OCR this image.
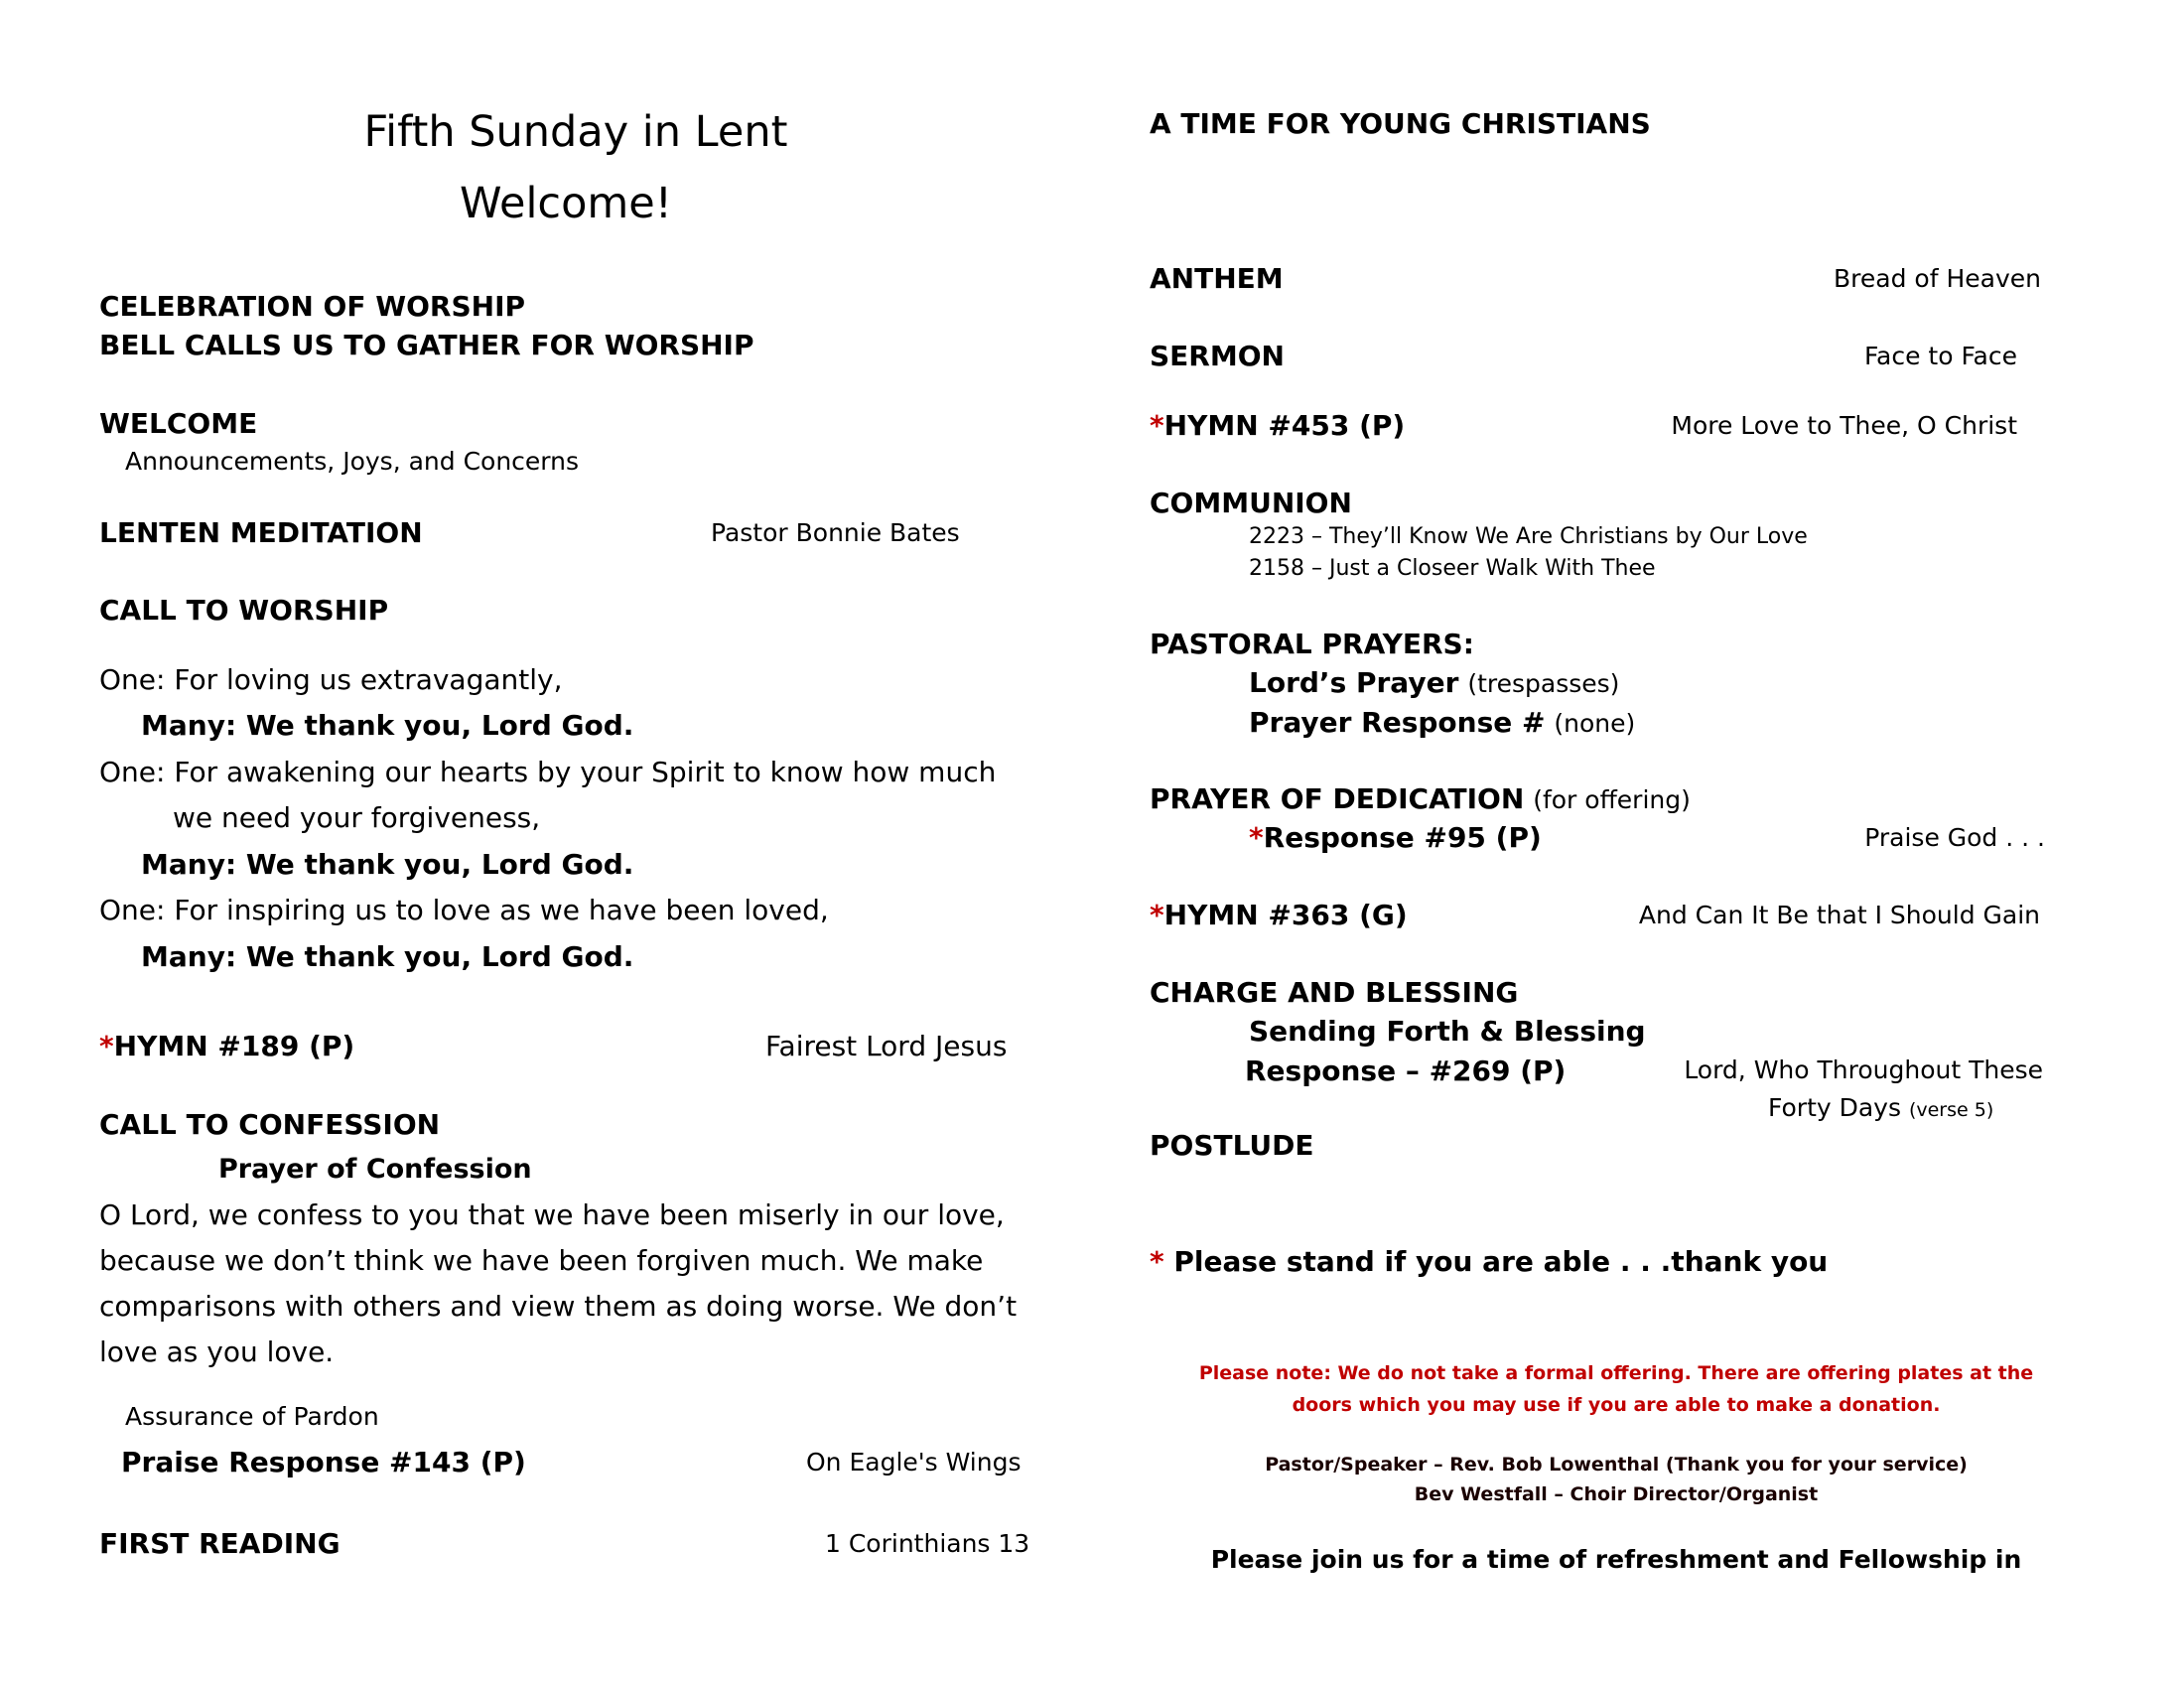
Fifth Sunday in Lent
Welcome!
CELEBRATION OF WORSHIP
BELL CALLS US TO GATHER FOR WORSHIP
WELCOME
Announcements, Joys, and Concerns
LENTEN MEDITATION	Pastor Bonnie Bates
CALL TO WORSHIP
One: For loving us extravagantly,
Many: We thank you, Lord God.
One: For awakening our hearts by your Spirit to know how much
we need your forgiveness,
Many: We thank you, Lord God.
One: For inspiring us to love as we have been loved,
Many: We thank you, Lord God.
*HYMN #189 (P)	Fairest Lord Jesus
CALL TO CONFESSION
Prayer of Confession
O Lord, we confess to you that we have been miserly in our love,
because we don’t think we have been forgiven much. We make
comparisons with others and view them as doing worse. We don’t
love as you love.
Assurance of Pardon
Praise Response #143 (P)	On Eagle's Wings
FIRST READING	1 Corinthians 13
A TIME FOR YOUNG CHRISTIANS
ANTHEM	Bread of Heaven
SERMON	Face to Face
*HYMN #453 (P)	More Love to Thee, O Christ
COMMUNION
2223 – They’ll Know We Are Christians by Our Love
2158 – Just a Closeer Walk With Thee
PASTORAL PRAYERS:
Lord’s Prayer (trespasses)
Prayer Response # (none)
PRAYER OF DEDICATION (for offering)
*Response #95 (P)	Praise God . . .
*HYMN #363 (G)	And Can It Be that I Should Gain
CHARGE AND BLESSING
Sending Forth & Blessing
Response – #269 (P)	Lord, Who Throughout These
Forty Days (verse 5)
POSTLUDE
* Please stand if you are able . . .thank you
Please note: We do not take a formal offering. There are offering plates at the
doors which you may use if you are able to make a donation.
Pastor/Speaker – Rev. Bob Lowenthal (Thank you for your service)
Bev Westfall – Choir Director/Organist
Please join us for a time of refreshment and Fellowship in
